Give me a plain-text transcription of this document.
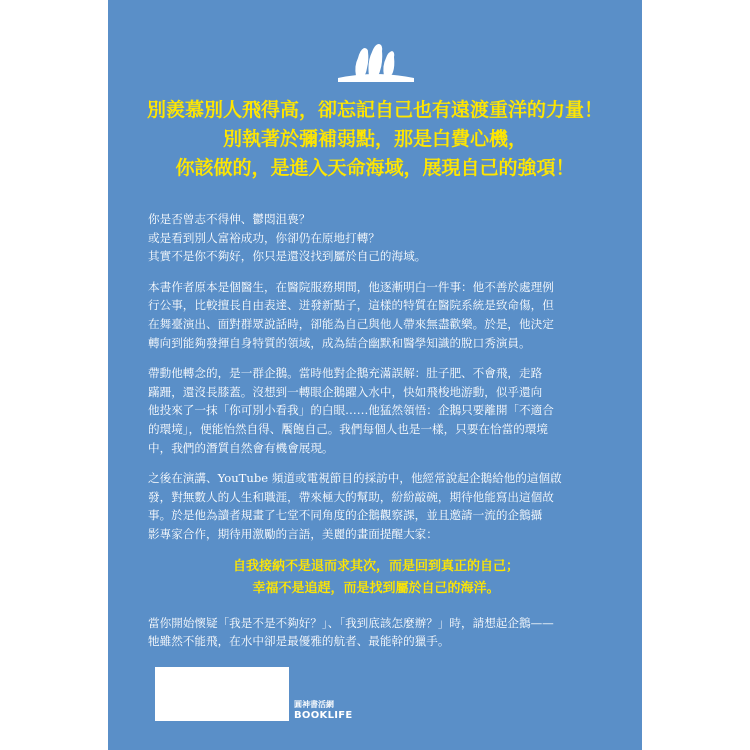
別羨慕別人飛得高，卻忘記自己也有遠渡重洋的力量！
別執著於彌補弱點，那是白費心機，
你該做的，是進入天命海域，展現自己的強項！
你是否曾志不得伸、鬱悶沮喪？
或是看到別人富裕成功，你卻仍在原地打轉？
其實不是你不夠好，你只是還沒找到屬於自己的海域。
本書作者原本是個醫生，在醫院服務期間，他逐漸明白一件事：他不善於處理例
行公事，比較擅長自由表達、迸發新點子，這樣的特質在醫院系統是致命傷，但
在舞臺演出、面對群眾說話時，卻能為自己與他人帶來無盡歡樂。於是，他決定
轉向到能夠發揮自身特質的領域，成為結合幽默和醫學知識的脫口秀演員。
帶動他轉念的，是一群企鵝。當時他對企鵝充滿誤解：肚子肥、不會飛，走路
蹣跚，還沒長膝蓋。沒想到一轉眼企鵝躍入水中，快如飛梭地游動，似乎還向
他投來了一抹「你可別小看我」的白眼……他猛然領悟：企鵝只要離開「不適合
的環境」，便能怡然自得、饜飽自己。我們每個人也是一樣，只要在恰當的環境
中，我們的潛質自然會有機會展現。
之後在演講、YouTube 頻道或電視節目的採訪中，他經常說起企鵝給他的這個啟
發，對無數人的人生和職涯，帶來極大的幫助，紛紛敲碗，期待他能寫出這個故
事。於是他為讀者規畫了七堂不同角度的企鵝觀察課，並且邀請一流的企鵝攝
影專家合作，期待用激勵的言語，美麗的畫面提醒大家：
自我接納不是退而求其次，而是回到真正的自己；
幸福不是追趕，而是找到屬於自己的海洋。
當你開始懷疑「我是不是不夠好？」、「我到底該怎麼辦？」時，請想起企鵝——
牠雖然不能飛，在水中卻是最優雅的航者、最能幹的獵手。
圓神書活網
BOOKLIFE
